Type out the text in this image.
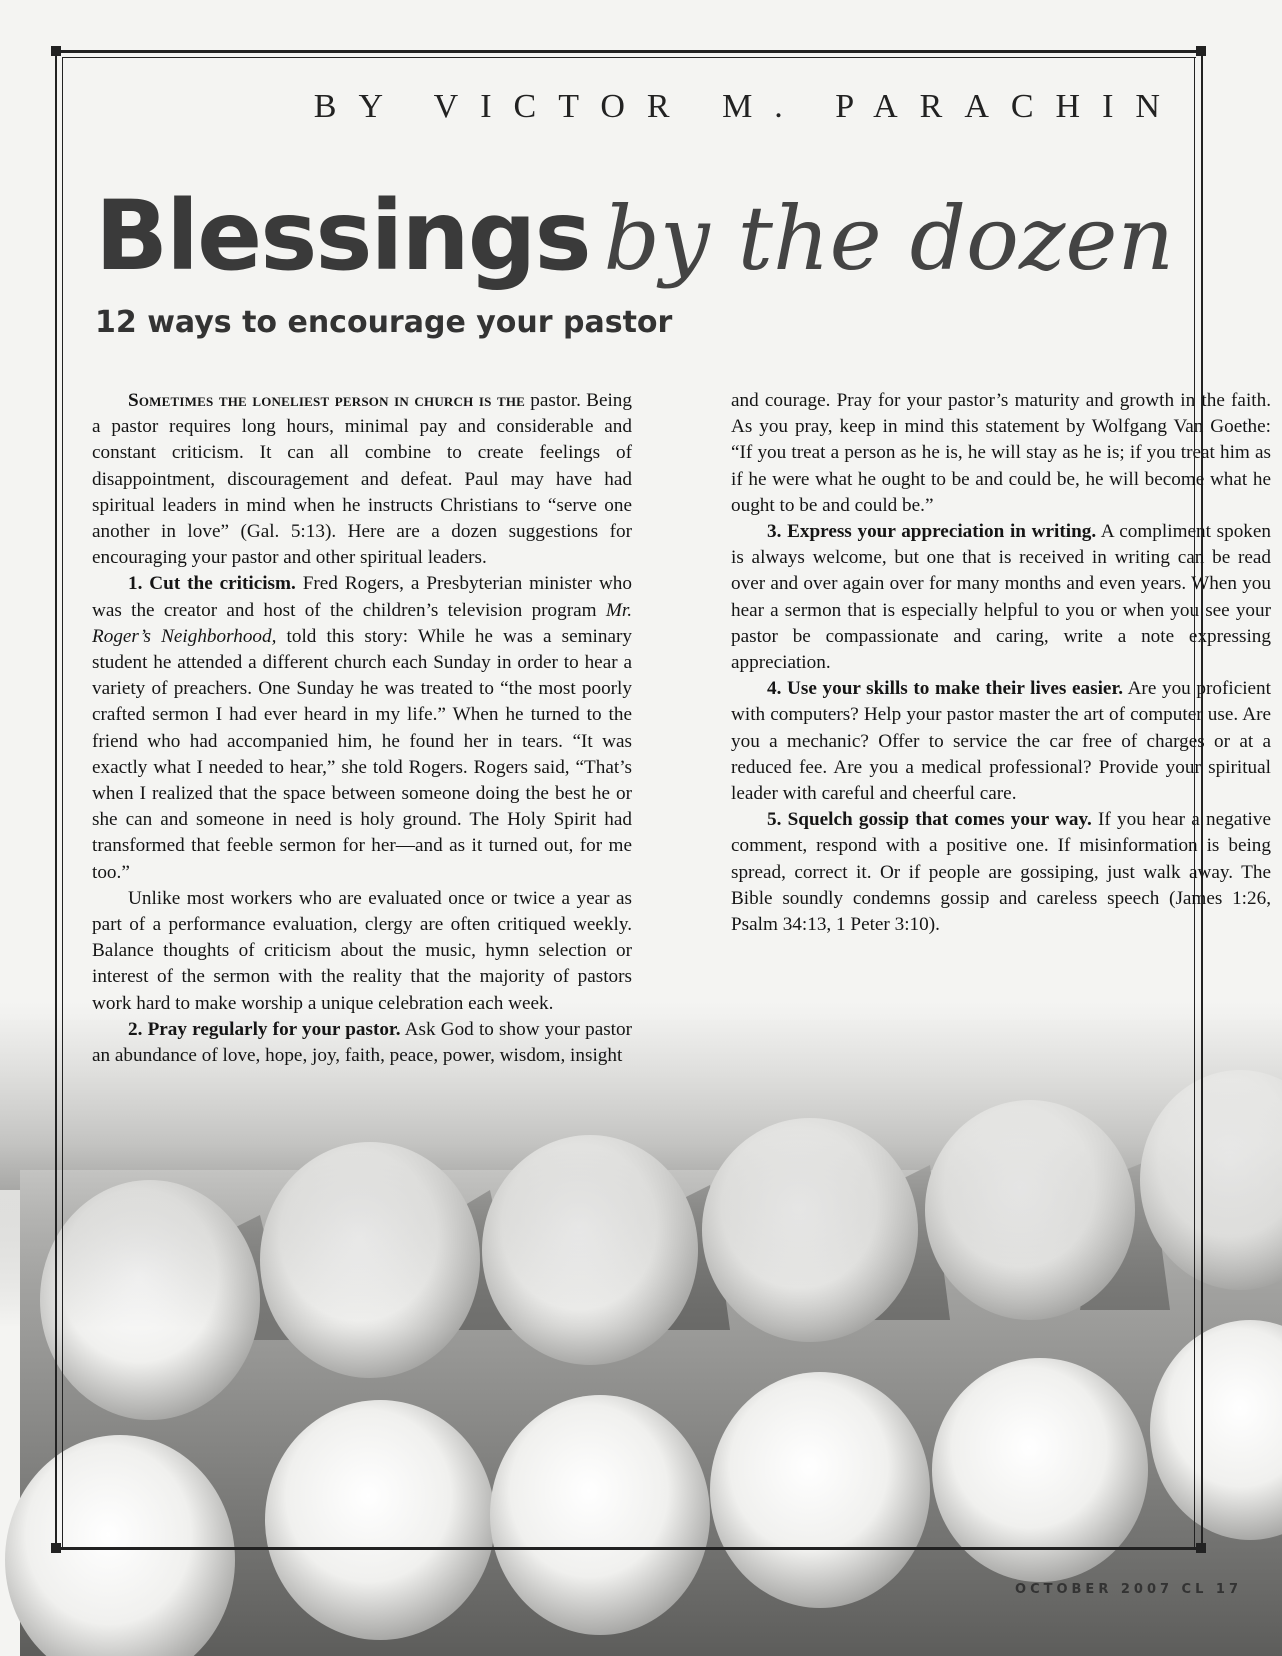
BY VICTOR M. PARACHIN
Blessings by the dozen
12 ways to encourage your pastor

Sometimes the loneliest person in church is the pastor. Being a pastor requires long hours, minimal pay and considerable and constant criticism. It can all combine to create feelings of disappointment, discouragement and defeat. Paul may have had spiritual leaders in mind when he instructs Christians to “serve one another in love” (Gal. 5:13). Here are a dozen suggestions for encouraging your pastor and other spiritual leaders.

1. Cut the criticism. Fred Rogers, a Presbyterian minister who was the creator and host of the children’s television program Mr. Roger’s Neighborhood, told this story: While he was a seminary student he attended a different church each Sunday in order to hear a variety of preachers. One Sunday he was treated to “the most poorly crafted sermon I had ever heard in my life.” When he turned to the friend who had accompanied him, he found her in tears. “It was exactly what I needed to hear,” she told Rogers. Rogers said, “That’s when I realized that the space between someone doing the best he or she can and someone in need is holy ground. The Holy Spirit had transformed that feeble sermon for her—and as it turned out, for me too.”

Unlike most workers who are evaluated once or twice a year as part of a performance evaluation, clergy are often critiqued weekly. Balance thoughts of criticism about the music, hymn selection or interest of the sermon with the reality that the majority of pastors work hard to make worship a unique celebration each week.

2. Pray regularly for your pastor. Ask God to show your pastor an abundance of love, hope, joy, faith, peace, power, wisdom, insight

and courage. Pray for your pastor’s maturity and growth in the faith. As you pray, keep in mind this statement by Wolfgang Van Goethe: “If you treat a person as he is, he will stay as he is; if you treat him as if he were what he ought to be and could be, he will become what he ought to be and could be.”

3. Express your appreciation in writing. A compliment spoken is always welcome, but one that is received in writing can be read over and over again over for many months and even years. When you hear a sermon that is especially helpful to you or when you see your pastor be compassionate and caring, write a note expressing appreciation.

4. Use your skills to make their lives easier. Are you proficient with computers? Help your pastor master the art of computer use. Are you a mechanic? Offer to service the car free of charges or at a reduced fee. Are you a medical professional? Provide your spiritual leader with careful and cheerful care.

5. Squelch gossip that comes your way. If you hear a negative comment, respond with a positive one. If misinformation is being spread, correct it. Or if people are gossiping, just walk away. The Bible soundly condemns gossip and careless speech (James 1:26, Psalm 34:13, 1 Peter 3:10).

OCTOBER 2007 CL 17
